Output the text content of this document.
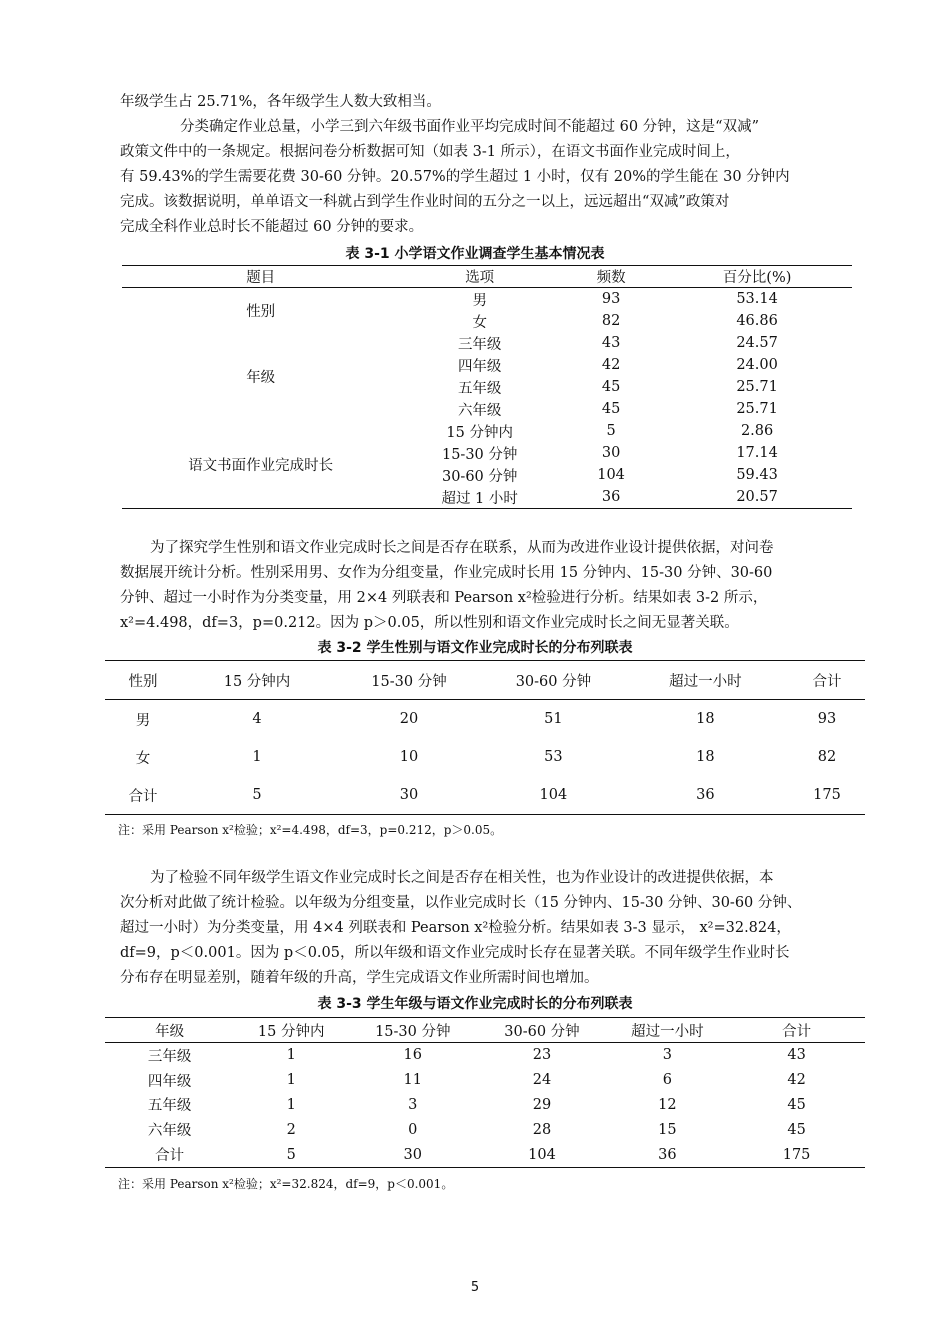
年级学生占 25.71%，各年级学生人数大致相当。

分类确定作业总量，小学三到六年级书面作业平均完成时间不能超过 60 分钟，这是“双减”
政策文件中的一条规定。根据问卷分析数据可知（如表 3-1 所示），在语文书面作业完成时间上，
有 59.43%的学生需要花费 30-60 分钟。20.57%的学生超过 1 小时，仅有 20%的学生能在 30 分钟内
完成。该数据说明，单单语文一科就占到学生作业时间的五分之一以上，远远超出“双减”政策对
完成全科作业总时长不能超过 60 分钟的要求。

表 3-1 小学语文作业调查学生基本情况表
题目	选项	频数	百分比(%)
性别	男	93	53.14
	女	82	46.86
年级	三年级	43	24.57
	四年级	42	24.00
	五年级	45	25.71
	六年级	45	25.71
语文书面作业完成时长	15 分钟内	5	2.86
	15-30 分钟	30	17.14
	30-60 分钟	104	59.43
	超过 1 小时	36	20.57

为了探究学生性别和语文作业完成时长之间是否存在联系，从而为改进作业设计提供依据，对问卷
数据展开统计分析。性别采用男、女作为分组变量，作业完成时长用 15 分钟内、15-30 分钟、30-60
分钟、超过一小时作为分类变量，用 2×4 列联表和 Pearson x²检验进行分析。结果如表 3-2 所示，
x²=4.498，df=3，p=0.212。因为 p＞0.05，所以性别和语文作业完成时长之间无显著关联。

表 3-2 学生性别与语文作业完成时长的分布列联表
性别	15 分钟内	15-30 分钟	30-60 分钟	超过一小时	合计
男	4	20	51	18	93
女	1	10	53	18	82
合计	5	30	104	36	175
注：采用 Pearson x²检验；x²=4.498，df=3，p=0.212，p＞0.05。

为了检验不同年级学生语文作业完成时长之间是否存在相关性，也为作业设计的改进提供依据，本
次分析对此做了统计检验。以年级为分组变量，以作业完成时长（15 分钟内、15-30 分钟、30-60 分钟、
超过一小时）为分类变量，用 4×4 列联表和 Pearson x²检验分析。结果如表 3-3 显示， x²=32.824，
df=9，p＜0.001。因为 p＜0.05，所以年级和语文作业完成时长存在显著关联。不同年级学生作业时长
分布存在明显差别，随着年级的升高，学生完成语文作业所需时间也增加。

表 3-3 学生年级与语文作业完成时长的分布列联表
年级	15 分钟内	15-30 分钟	30-60 分钟	超过一小时	合计
三年级	1	16	23	3	43
四年级	1	11	24	6	42
五年级	1	3	29	12	45
六年级	2	0	28	15	45
合计	5	30	104	36	175
注：采用 Pearson x²检验；x²=32.824，df=9，p＜0.001。
5
